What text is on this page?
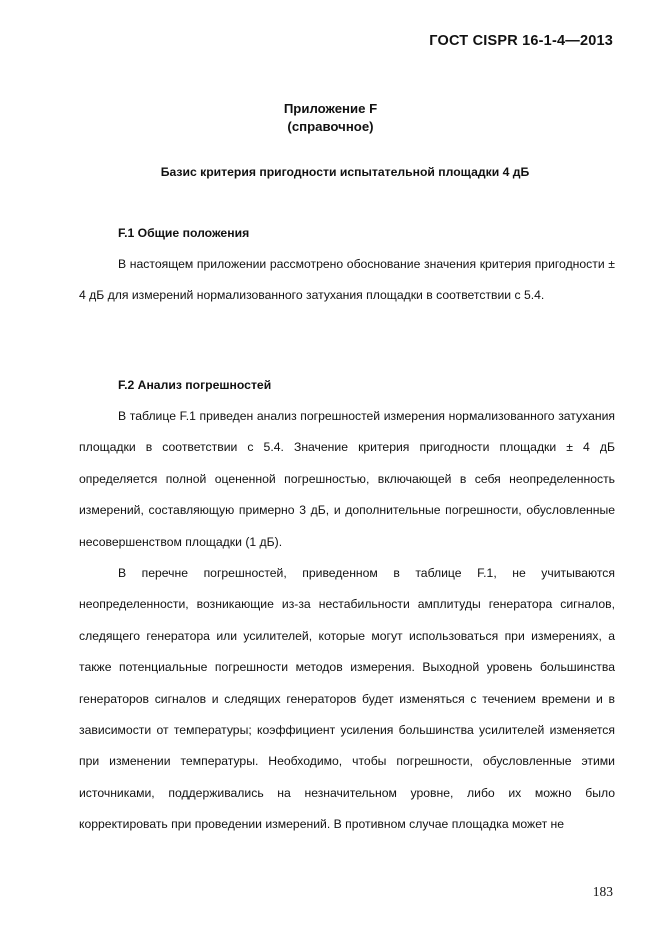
ГОСТ CISPR 16-1-4—2013
Приложение F
(справочное)
Базис критерия пригодности испытательной площадки 4 дБ
F.1 Общие положения

В настоящем приложении рассмотрено обоснование значения критерия пригодности ± 4 дБ для измерений нормализованного затухания площадки в соответствии с 5.4.

F.2 Анализ погрешностей

В таблице F.1 приведен анализ погрешностей измерения нормализованного затухания площадки в соответствии с 5.4. Значение критерия пригодности площадки ± 4 дБ определяется полной оцененной погрешностью, включающей в себя неопределенность измерений, составляющую примерно 3 дБ, и дополнительные погрешности, обусловленные несовершенством площадки (1 дБ).

В перечне погрешностей, приведенном в таблице F.1, не учитываются неопределенности, возникающие из-за нестабильности амплитуды генератора сигналов, следящего генератора или усилителей, которые могут использоваться при измерениях, а также потенциальные погрешности методов измерения. Выходной уровень большинства генераторов сигналов и следящих генераторов будет изменяться с течением времени и в зависимости от температуры; коэффициент усиления большинства усилителей изменяется при изменении температуры. Необходимо, чтобы погрешности, обусловленные этими источниками, поддерживались на незначительном уровне, либо их можно было корректировать при проведении измерений. В противном случае площадка может не

183
